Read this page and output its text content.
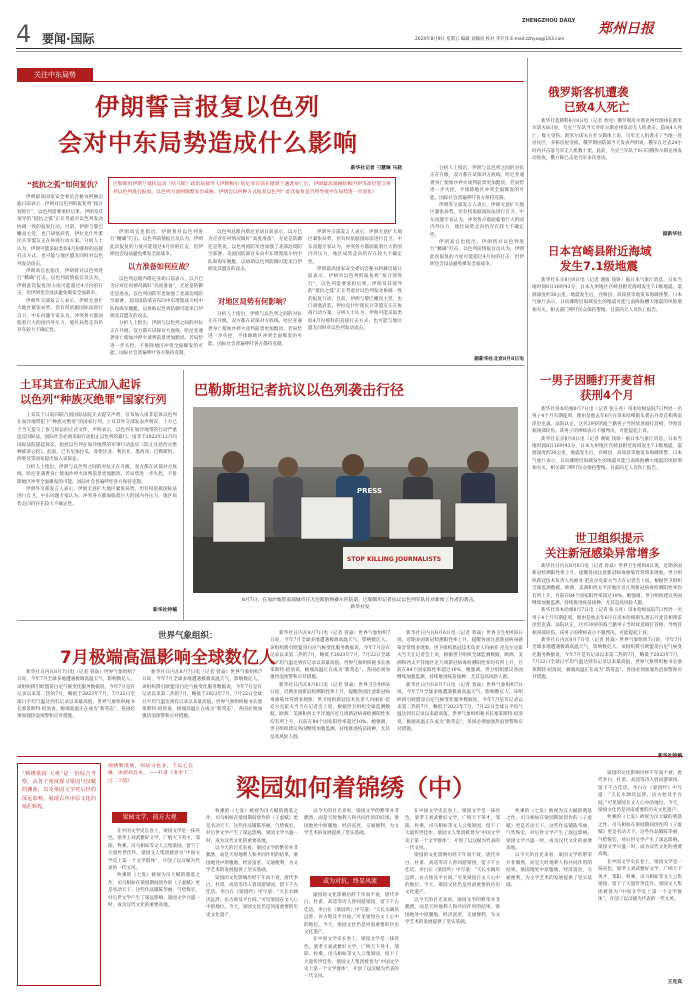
4 要闻·国际	2024年8月9日 星期五 编辑 刘佩寅 校对 李仔泽 E-mail:zzhyxq@163.com
ZHENGZHOU DAILY 郑州日报
关注中东局势
伊朗誓言报复以色列
会对中东局势造成什么影响
新华社记者 刁慧琳 马骁
巴勒斯坦伊斯兰抵抗运动（哈马斯）政治局领导人伊斯梅尔·哈尼亚日前在德黑兰遇袭身亡后，伊朗最高领袖哈梅内伊等高层誓言将对以色列进行报复。以色列方面则频繁发出威胁。伊朗会以何种方式报复以色列？此次报复是否将导致中东局势进一步恶化？
“抵抗之弧”如何复仇？

伊朗最高国家安全委员会秘书阿赫迈迪日前表示，伊朗对以色列的报复将“按计划进行”，以色列需要承担后果。伊朗及其领导的“抵抗之弧”正在考虑对以色列发动协调一致的报复行动。目前，伊朗与黎巴嫩真主党、也门胡塞武装、伊拉克什叶派民兵等盟友正在协商行动方案。分析人士认为，伊朗可能采取类似4月份那样的直接打击方式，也可能与地区盟友同时对以色列发动攻击。

伊朗高官也指出，伊朗将对以色列进行“精确”打击。以色列前情报官员认为，伊朗此次报复的力度可能超过4月份的打击，但伊朗也会设法避免爆发全面战争。

伊朗外交部发言人表示，伊朗无意扩大地区紧张局势，但有权依据国际法进行自卫。中东问题专家认为，冲突各方都面临着巨大的国内外压力，地区局势走向仍存在较大不确定性。

伊朗高官也指出，伊朗将对以色列进行“精确”打击。以色列前情报官员认为，伊朗此次报复的力度可能超过4月份的打击，但伊朗也会设法避免爆发全面战争。

以方准备如何应战？

以色列总理内塔尼亚胡日前表示，以方已为应对任何情况做好“高度准备”，无论是防御还是进攻。以色列国防军也加强了北部边境防空部署。美国国防部宣布向中东增派战斗机中队和海军舰艇，以协助以色列防御可能来自伊朗及其盟友的攻击。

分析人士指出，伊朗与以色列之间的对抗正在升级，双方都在试探对方底线。哈尼亚遇袭身亡使加沙停火谈判前景更加黯淡。若局势进一步失控，不排除地区冲突全面爆发的可能。国际社会普遍呼吁各方保持克制。

以色列总理内塔尼亚胡日前表示，以方已为应对任何情况做好“高度准备”，无论是防御还是进攻。以色列国防军也加强了北部边境防空部署。美国国防部宣布向中东增派战斗机中队和海军舰艇，以协助以色列防御可能来自伊朗及其盟友的攻击。

对地区局势有何影响？

分析人士指出，伊朗与以色列之间的对抗正在升级，双方都在试探对方底线。哈尼亚遇袭身亡使加沙停火谈判前景更加黯淡。若局势进一步失控，不排除地区冲突全面爆发的可能。国际社会普遍呼吁各方保持克制。

伊朗外交部发言人表示，伊朗无意扩大地区紧张局势，但有权依据国际法进行自卫。中东问题专家认为，冲突各方都面临着巨大的国内外压力，地区局势走向仍存在较大不确定性。

伊朗最高国家安全委员会秘书阿赫迈迪日前表示，伊朗对以色列的报复将“按计划进行”，以色列需要承担后果。伊朗及其领导的“抵抗之弧”正在考虑对以色列发动协调一致的报复行动。目前，伊朗与黎巴嫩真主党、也门胡塞武装、伊拉克什叶派民兵等盟友正在协商行动方案。分析人士认为，伊朗可能采取类似4月份那样的直接打击方式，也可能与地区盟友同时对以色列发动攻击。

分析人士指出，伊朗与以色列之间的对抗正在升级，双方都在试探对方底线。哈尼亚遇袭身亡使加沙停火谈判前景更加黯淡。若局势进一步失控，不排除地区冲突全面爆发的可能。国际社会普遍呼吁各方保持克制。

伊朗外交部发言人表示，伊朗无意扩大地区紧张局势，但有权依据国际法进行自卫。中东问题专家认为，冲突各方都面临着巨大的国内外压力，地区局势走向仍存在较大不确定性。

伊朗高官也指出，伊朗将对以色列进行“精确”打击。以色列前情报官员认为，伊朗此次报复的力度可能超过4月份的打击，但伊朗也会设法避免爆发全面战争。

据新华社北京8月8日电
土耳其宣布正式加入起诉
以色列“种族灭绝罪”国家行列

土耳其于日前向联合国国际法院正式提交声明，宣布加入南非起诉以色列在加沙地带犯下“种族灭绝罪”的国家行列。土耳其外交部发表声明说，土方已于当天提交了参与诉讼的正式文件。声明表示，以色列在加沙地带的行动严重违反国际法，国际社会必须采取行动阻止以色列的暴行。南非于2023年12月向国际法院提起诉讼，指控以色列在加沙地带的军事行动违反《防止及惩治灭绝种族罪公约》。此前，已有尼加拉瓜、哥伦比亚、利比亚、墨西哥、巴勒斯坦、西班牙等国家提出加入该诉讼。

分析人士指出，伊朗与以色列之间的对抗正在升级，双方都在试探对方底线。哈尼亚遇袭身亡使加沙停火谈判前景更加黯淡。若局势进一步失控，不排除地区冲突全面爆发的可能。国际社会普遍呼吁各方保持克制。

伊朗外交部发言人表示，伊朗无意扩大地区紧张局势，但有权依据国际法进行自卫。中东问题专家认为，冲突各方都面临着巨大的国内外压力，地区局势走向仍存在较大不确定性。

新华社特稿
巴勒斯坦记者抗议以色列袭击行径
PRESS
STOP KILLING JOURNALISTS
8月7日，在加沙地带南部城市汗尤尼斯的纳赛尔医院前，巴勒斯坦记者抗议以色列军队针对新闻工作者的袭击。新华社发
俄罗斯客机遭袭
已致4人死亡

新华社莫斯科8月8日电（记者 黄河）俄罗斯库尔斯克州代理州长斯米尔诺夫8日说，乌克兰军队当天对库尔斯克州发动无人机袭击，造成4人死亡，数人受伤。斯米尔诺夫在社交媒体上说，乌军无人机袭击了当地一处居民区，多栋房屋受损。俄罗斯国防部当天发表声明说，俄军在过去24小时内共击落乌军无人机数十架。此前，乌克兰军队于6日向俄库尔斯克州发动进攻，俄方称已击退乌军多次进攻。

据新华社
日本宫崎县附近海域
发生7.1级地震

新华社东京8月8日电（记者 谢锐 钱铮）据日本气象厅消息，日本当地时间8日16时43分，日本九州地区宫崎县附近海域发生7.1级地震。震源深度约30公里。地震发生后，宫崎县、高知县等地发布海啸预警。日本气象厅表示，日向滩附近海域发生的地震可能与南海海槽大地震的风险增加有关，相关部门呼吁民众保持警惕。目前尚无人员伤亡报告。

一男子因睡打开麦首相
获刑4个月

新华社哥本哈根8月7日电（记者 张玉亮）哥本哈根法院7日判处一名男子4个月有期徒刑，理由是他去年6月在哥本哈根街头袭击丹麦首相弗雷泽里克森。法院认定，这名39岁的波兰籍男子当时故意殴打首相，导致首相颈部轻伤。该男子的律师表示不服判决，可能提起上诉。

新华社东京8月8日电（记者 谢锐 钱铮）据日本气象厅消息，日本当地时间8日16时43分，日本九州地区宫崎县附近海域发生7.1级地震。震源深度约30公里。地震发生后，宫崎县、高知县等地发布海啸预警。日本气象厅表示，日向滩附近海域发生的地震可能与南海海槽大地震的风险增加有关，相关部门呼吁民众保持警惕。目前尚无人员伤亡报告。

世卫组织提示
关注新冠感染异常增多

新华社日内瓦8月6日电（记者 曾焱）世界卫生组织6日说，近期多国新冠检测阳性率上升，提醒各国注意新冠病毒感染异常增多现象。世卫组织新冠技术负责人玛丽亚·范克尔克霍夫当天在记者会上说，根据世卫组织全球监测数据，欧洲、美洲和西太平洋地区近几周新冠病毒检测阳性率均有所上升，目前在84个国家阳性率超过10%。她强调，世卫组织建议各国继续加强监测，持续推进疫苗接种，尤其是高风险人群。

新华社哥本哈根8月7日电（记者 张玉亮）哥本哈根法院7日判处一名男子4个月有期徒刑，理由是他去年6月在哥本哈根街头袭击丹麦首相弗雷泽里克森。法院认定，这名39岁的波兰籍男子当时故意殴打首相，导致首相颈部轻伤。该男子的律师表示不服判决，可能提起上诉。

新华社日内瓦8月7日电（记者 曾焱）世界气象组织7日说，今年7月全球多地遭遇极端高温天气，影响数亿人。该组织援引欧盟哥白尼气候变化服务数据说，今年7月是有记录以来第二热的7月，略低于2023年7月。7月22日全球日平均气温达到有记录以来最高值。世界气象组织秘书长塞莱斯特·绍洛说，极端高温正在成为“新常态”，各国必须加强热浪预警和应对措施。

世界气象组织：
7月极端高温影响全球数亿人

新华社日内瓦8月7日电（记者 曾焱）世界气象组织7日说，今年7月全球多地遭遇极端高温天气，影响数亿人。该组织援引欧盟哥白尼气候变化服务数据说，今年7月是有记录以来第二热的7月，略低于2023年7月。7月22日全球日平均气温达到有记录以来最高值。世界气象组织秘书长塞莱斯特·绍洛说，极端高温正在成为“新常态”，各国必须加强热浪预警和应对措施。

新华社日内瓦8月7日电（记者 曾焱）世界气象组织7日说，今年7月全球多地遭遇极端高温天气，影响数亿人。该组织援引欧盟哥白尼气候变化服务数据说，今年7月是有记录以来第二热的7月，略低于2023年7月。7月22日全球日平均气温达到有记录以来最高值。世界气象组织秘书长塞莱斯特·绍洛说，极端高温正在成为“新常态”，各国必须加强热浪预警和应对措施。

新华社日内瓦8月7日电（记者 曾焱）世界气象组织7日说，今年7月全球多地遭遇极端高温天气，影响数亿人。该组织援引欧盟哥白尼气候变化服务数据说，今年7月是有记录以来第二热的7月，略低于2023年7月。7月22日全球日平均气温达到有记录以来最高值。世界气象组织秘书长塞莱斯特·绍洛说，极端高温正在成为“新常态”，各国必须加强热浪预警和应对措施。

新华社日内瓦8月6日电（记者 曾焱）世界卫生组织6日说，近期多国新冠检测阳性率上升，提醒各国注意新冠病毒感染异常增多现象。世卫组织新冠技术负责人玛丽亚·范克尔克霍夫当天在记者会上说，根据世卫组织全球监测数据，欧洲、美洲和西太平洋地区近几周新冠病毒检测阳性率均有所上升，目前在84个国家阳性率超过10%。她强调，世卫组织建议各国继续加强监测，持续推进疫苗接种，尤其是高风险人群。

新华社日内瓦8月6日电（记者 曾焱）世界卫生组织6日说，近期多国新冠检测阳性率上升，提醒各国注意新冠病毒感染异常增多现象。世卫组织新冠技术负责人玛丽亚·范克尔克霍夫当天在记者会上说，根据世卫组织全球监测数据，欧洲、美洲和西太平洋地区近几周新冠病毒检测阳性率均有所上升，目前在84个国家阳性率超过10%。她强调，世卫组织建议各国继续加强监测，持续推进疫苗接种，尤其是高风险人群。

新华社日内瓦8月7日电（记者 曾焱）世界气象组织7日说，今年7月全球多地遭遇极端高温天气，影响数亿人。该组织援引欧盟哥白尼气候变化服务数据说，今年7月是有记录以来第二热的7月，略低于2023年7月。7月22日全球日平均气温达到有记录以来最高值。世界气象组织秘书长塞莱斯特·绍洛说，极端高温正在成为“新常态”，各国必须加强热浪预警和应对措施。

“锦绣梁园·大观”是一份综合考察，从各个角度探寻梁园与汉赋的渊源，以及梁园文学对后世的深远影响，展现古代中原文化的灿烂辉煌。
锦绣繁茂地，何故兴也多，千岛心自缘，冰原高自卓。——杜甫《寄李十二白二十韵》	梁园如何着锦绣（中）
梁园文学，前方大观

在中国文学史长卷上，梁园文学是一抹亮色。梁孝王刘武雅好文学，广纳天下英才，邹阳、枚乘、司马相如等文人云集梁园，留下了大量传世佳作。梁园文人集团被誉为“中国文学史上第一个文学群体”，开创了以汉赋为代表的一代文风。

枚乘的《七发》被视为汉大赋的奠基之作，司马相如在梁园期间创作的《子虚赋》更是名动天下。这些作品铺陈华丽，气势恢宏，对后世文学产生了深远影响。梁园文学兴盛一时，成为汉代文化的重要高地。

枚乘的《七发》被视为汉大赋的奠基之作，司马相如在梁园期间创作的《子虚赋》更是名动天下。这些作品铺陈华丽，气势恢宏，对后世文学产生了深远影响。梁园文学兴盛一时，成为汉代文化的重要高地。

以今天的目光来看，梁园文学的繁荣并非偶然，而是天时地利人和共同作用的结果。梁国地处中原腹地，经济富庶，交通便利，为文学艺术的发展提供了坚实基础。

梁园的文化影响历经千年而不衰，唐代李白、杜甫、高适等诗人曾同游梁园，留下千古佳话。李白在《梁园吟》中写道：“天长水阔厌远涉，访古始及平台间。”可见梁园在文人心中的地位。今天，梁园文化仍是河南重要的历史文化遗产。

以今天的目光来看，梁园文学的繁荣并非偶然，而是天时地利人和共同作用的结果。梁国地处中原腹地，经济富庶，交通便利，为文学艺术的发展提供了坚实基础。

或为对抗，终显风流

梁园的文化影响历经千年而不衰，唐代李白、杜甫、高适等诗人曾同游梁园，留下千古佳话。李白在《梁园吟》中写道：“天长水阔厌远涉，访古始及平台间。”可见梁园在文人心中的地位。今天，梁园文化仍是河南重要的历史文化遗产。

在中国文学史长卷上，梁园文学是一抹亮色。梁孝王刘武雅好文学，广纳天下英才，邹阳、枚乘、司马相如等文人云集梁园，留下了大量传世佳作。梁园文人集团被誉为“中国文学史上第一个文学群体”，开创了以汉赋为代表的一代文风。

在中国文学史长卷上，梁园文学是一抹亮色。梁孝王刘武雅好文学，广纳天下英才，邹阳、枚乘、司马相如等文人云集梁园，留下了大量传世佳作。梁园文人集团被誉为“中国文学史上第一个文学群体”，开创了以汉赋为代表的一代文风。

梁园的文化影响历经千年而不衰，唐代李白、杜甫、高适等诗人曾同游梁园，留下千古佳话。李白在《梁园吟》中写道：“天长水阔厌远涉，访古始及平台间。”可见梁园在文人心中的地位。今天，梁园文化仍是河南重要的历史文化遗产。

以今天的目光来看，梁园文学的繁荣并非偶然，而是天时地利人和共同作用的结果。梁国地处中原腹地，经济富庶，交通便利，为文学艺术的发展提供了坚实基础。

枚乘的《七发》被视为汉大赋的奠基之作，司马相如在梁园期间创作的《子虚赋》更是名动天下。这些作品铺陈华丽，气势恢宏，对后世文学产生了深远影响。梁园文学兴盛一时，成为汉代文化的重要高地。

以今天的目光来看，梁园文学的繁荣并非偶然，而是天时地利人和共同作用的结果。梁国地处中原腹地，经济富庶，交通便利，为文学艺术的发展提供了坚实基础。

梁园的文化影响历经千年而不衰，唐代李白、杜甫、高适等诗人曾同游梁园，留下千古佳话。李白在《梁园吟》中写道：“天长水阔厌远涉，访古始及平台间。”可见梁园在文人心中的地位。今天，梁园文化仍是河南重要的历史文化遗产。

枚乘的《七发》被视为汉大赋的奠基之作，司马相如在梁园期间创作的《子虚赋》更是名动天下。这些作品铺陈华丽，气势恢宏，对后世文学产生了深远影响。梁园文学兴盛一时，成为汉代文化的重要高地。

在中国文学史长卷上，梁园文学是一抹亮色。梁孝王刘武雅好文学，广纳天下英才，邹阳、枚乘、司马相如等文人云集梁园，留下了大量传世佳作。梁园文人集团被誉为“中国文学史上第一个文学群体”，开创了以汉赋为代表的一代文风。

王克宾
